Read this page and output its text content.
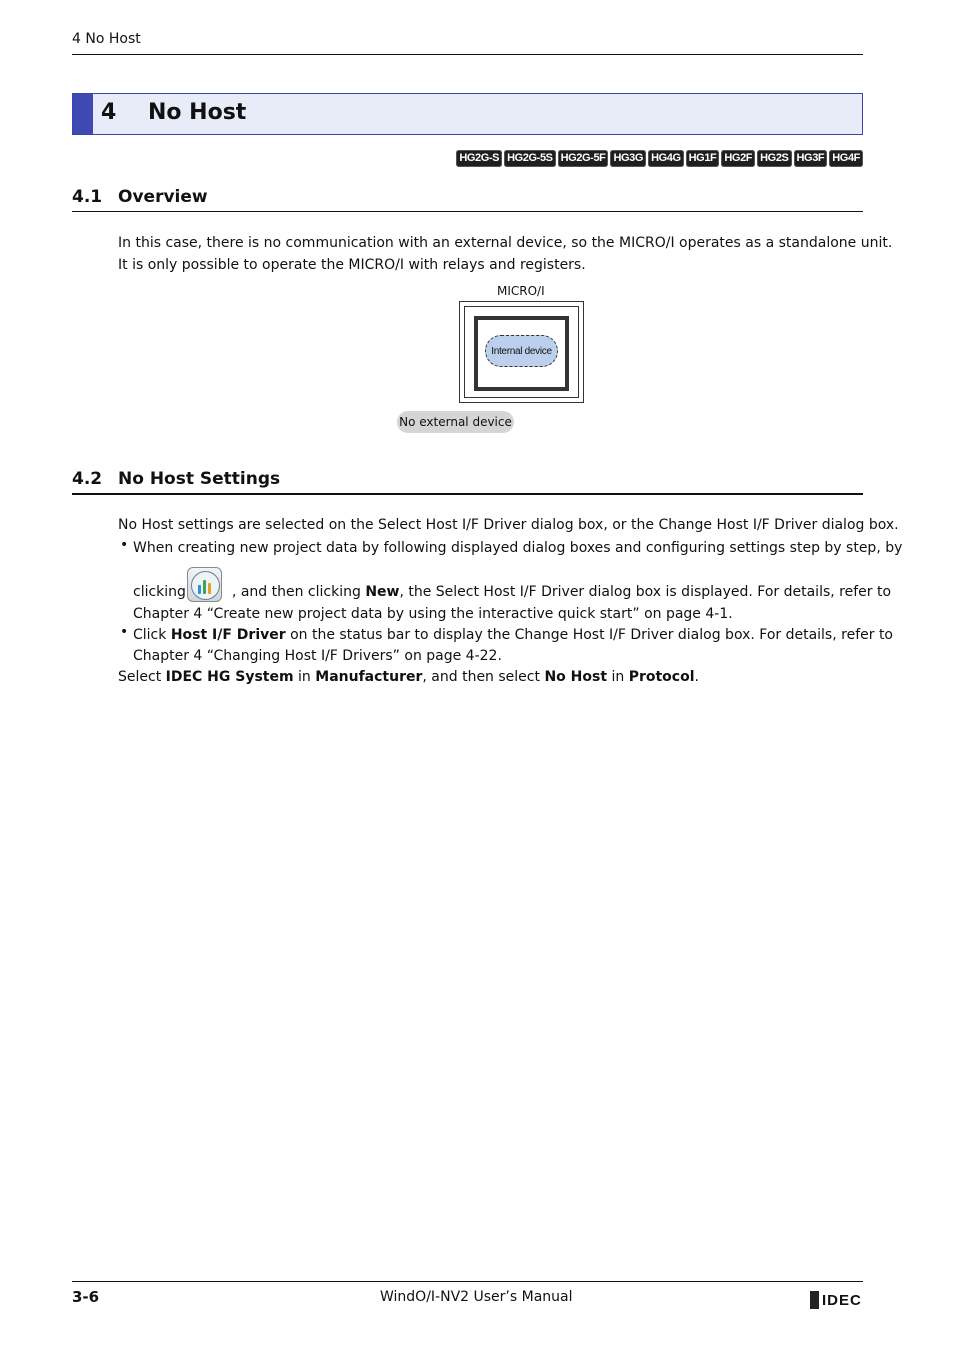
4 No Host
4 No Host
HG2G-S HG2G-5S HG2G-5F HG3G HG4G HG1F HG2F HG2S HG3F HG4F
4.1 Overview
In this case, there is no communication with an external device, so the MICRO/I operates as a standalone unit.
It is only possible to operate the MICRO/I with relays and registers.
MICRO/I
Internal device
No external device
4.2 No Host Settings
No Host settings are selected on the Select Host I/F Driver dialog box, or the Change Host I/F Driver dialog box.
• When creating new project data by following displayed dialog boxes and configuring settings step by step, by
clicking	, and then clicking New, the Select Host I/F Driver dialog box is displayed. For details, refer to
Chapter 4 “Create new project data by using the interactive quick start” on page 4-1.
• Click Host I/F Driver on the status bar to display the Change Host I/F Driver dialog box. For details, refer to
Chapter 4 “Changing Host I/F Drivers” on page 4-22.
Select IDEC HG System in Manufacturer, and then select No Host in Protocol.
3-6	WindO/I-NV2 User’s Manual	IDEC
